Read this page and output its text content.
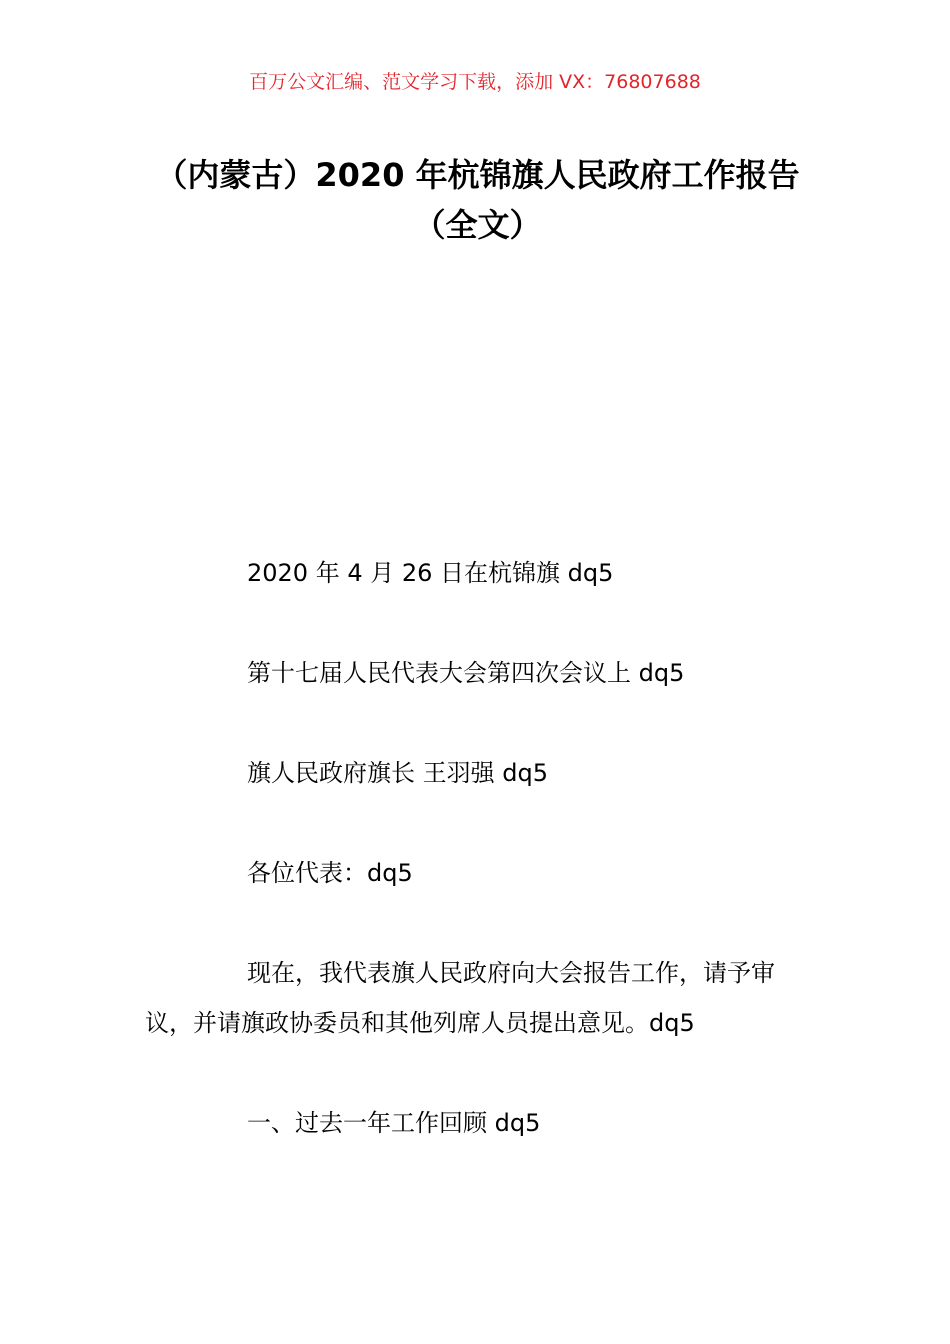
百万公文汇编、范文学习下载，添加 VX：76807688
（内蒙古）2020 年杭锦旗人民政府工作报告（全文）
2020 年 4 月 26 日在杭锦旗 dq5
第十七届人民代表大会第四次会议上 dq5
旗人民政府旗长 王羽强 dq5
各位代表：dq5
现在，我代表旗人民政府向大会报告工作，请予审议，并请旗政协委员和其他列席人员提出意见。dq5
一、过去一年工作回顾 dq5
